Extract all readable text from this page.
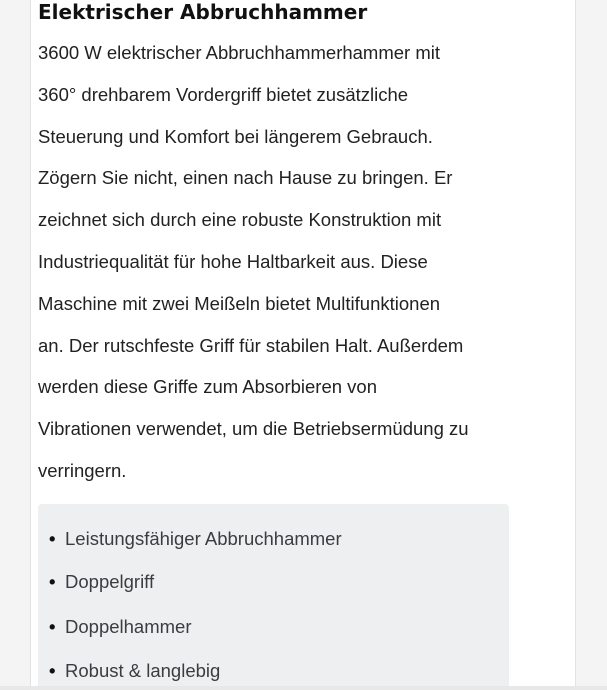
Elektrischer Abbruchhammer

3600 W elektrischer Abbruchhammerhammer mit
360° drehbarem Vordergriff bietet zusätzliche
Steuerung und Komfort bei längerem Gebrauch.
Zögern Sie nicht, einen nach Hause zu bringen. Er
zeichnet sich durch eine robuste Konstruktion mit
Industriequalität für hohe Haltbarkeit aus. Diese
Maschine mit zwei Meißeln bietet Multifunktionen
an. Der rutschfeste Griff für stabilen Halt. Außerdem
werden diese Griffe zum Absorbieren von
Vibrationen verwendet, um die Betriebsermüdung zu
verringern.

• Leistungsfähiger Abbruchhammer
• Doppelgriff
• Doppelhammer
• Robust & langlebig
